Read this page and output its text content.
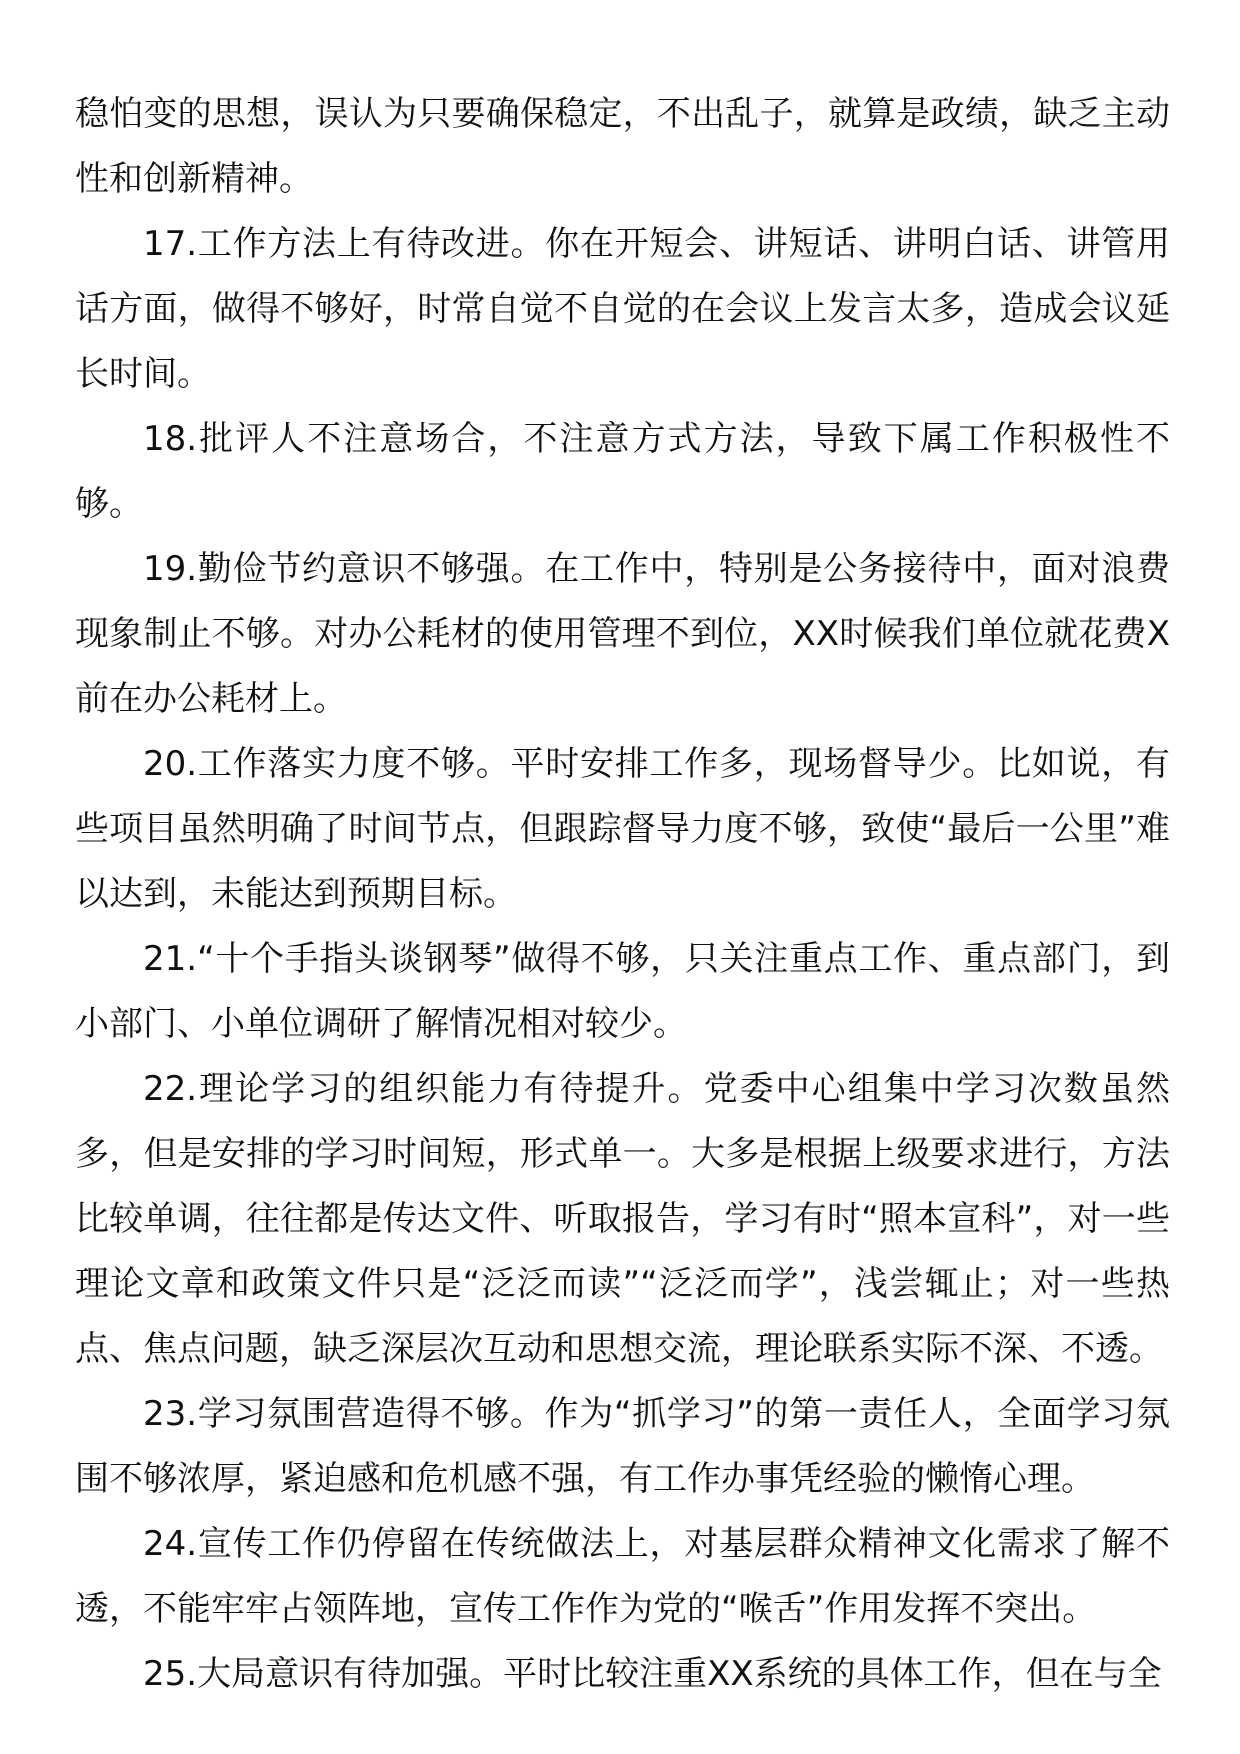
稳怕变的思想，误认为只要确保稳定，不出乱子，就算是政绩，缺乏主动性和创新精神。

17.工作方法上有待改进。你在开短会、讲短话、讲明白话、讲管用话方面，做得不够好，时常自觉不自觉的在会议上发言太多，造成会议延长时间。

18.批评人不注意场合，不注意方式方法，导致下属工作积极性不够。

19.勤俭节约意识不够强。在工作中，特别是公务接待中，面对浪费现象制止不够。对办公耗材的使用管理不到位，XX时候我们单位就花费X前在办公耗材上。

20.工作落实力度不够。平时安排工作多，现场督导少。比如说，有些项目虽然明确了时间节点，但跟踪督导力度不够，致使“最后一公里”难以达到，未能达到预期目标。

21.“十个手指头谈钢琴”做得不够，只关注重点工作、重点部门，到小部门、小单位调研了解情况相对较少。

22.理论学习的组织能力有待提升。党委中心组集中学习次数虽然多，但是安排的学习时间短，形式单一。大多是根据上级要求进行，方法比较单调，往往都是传达文件、听取报告，学习有时“照本宣科”，对一些理论文章和政策文件只是“泛泛而读”“泛泛而学”，浅尝辄止；对一些热点、焦点问题，缺乏深层次互动和思想交流，理论联系实际不深、不透。

23.学习氛围营造得不够。作为“抓学习”的第一责任人，全面学习氛围不够浓厚，紧迫感和危机感不强，有工作办事凭经验的懒惰心理。

24.宣传工作仍停留在传统做法上，对基层群众精神文化需求了解不透，不能牢牢占领阵地，宣传工作作为党的“喉舌”作用发挥不突出。

25.大局意识有待加强。平时比较注重XX系统的具体工作，但在与全
